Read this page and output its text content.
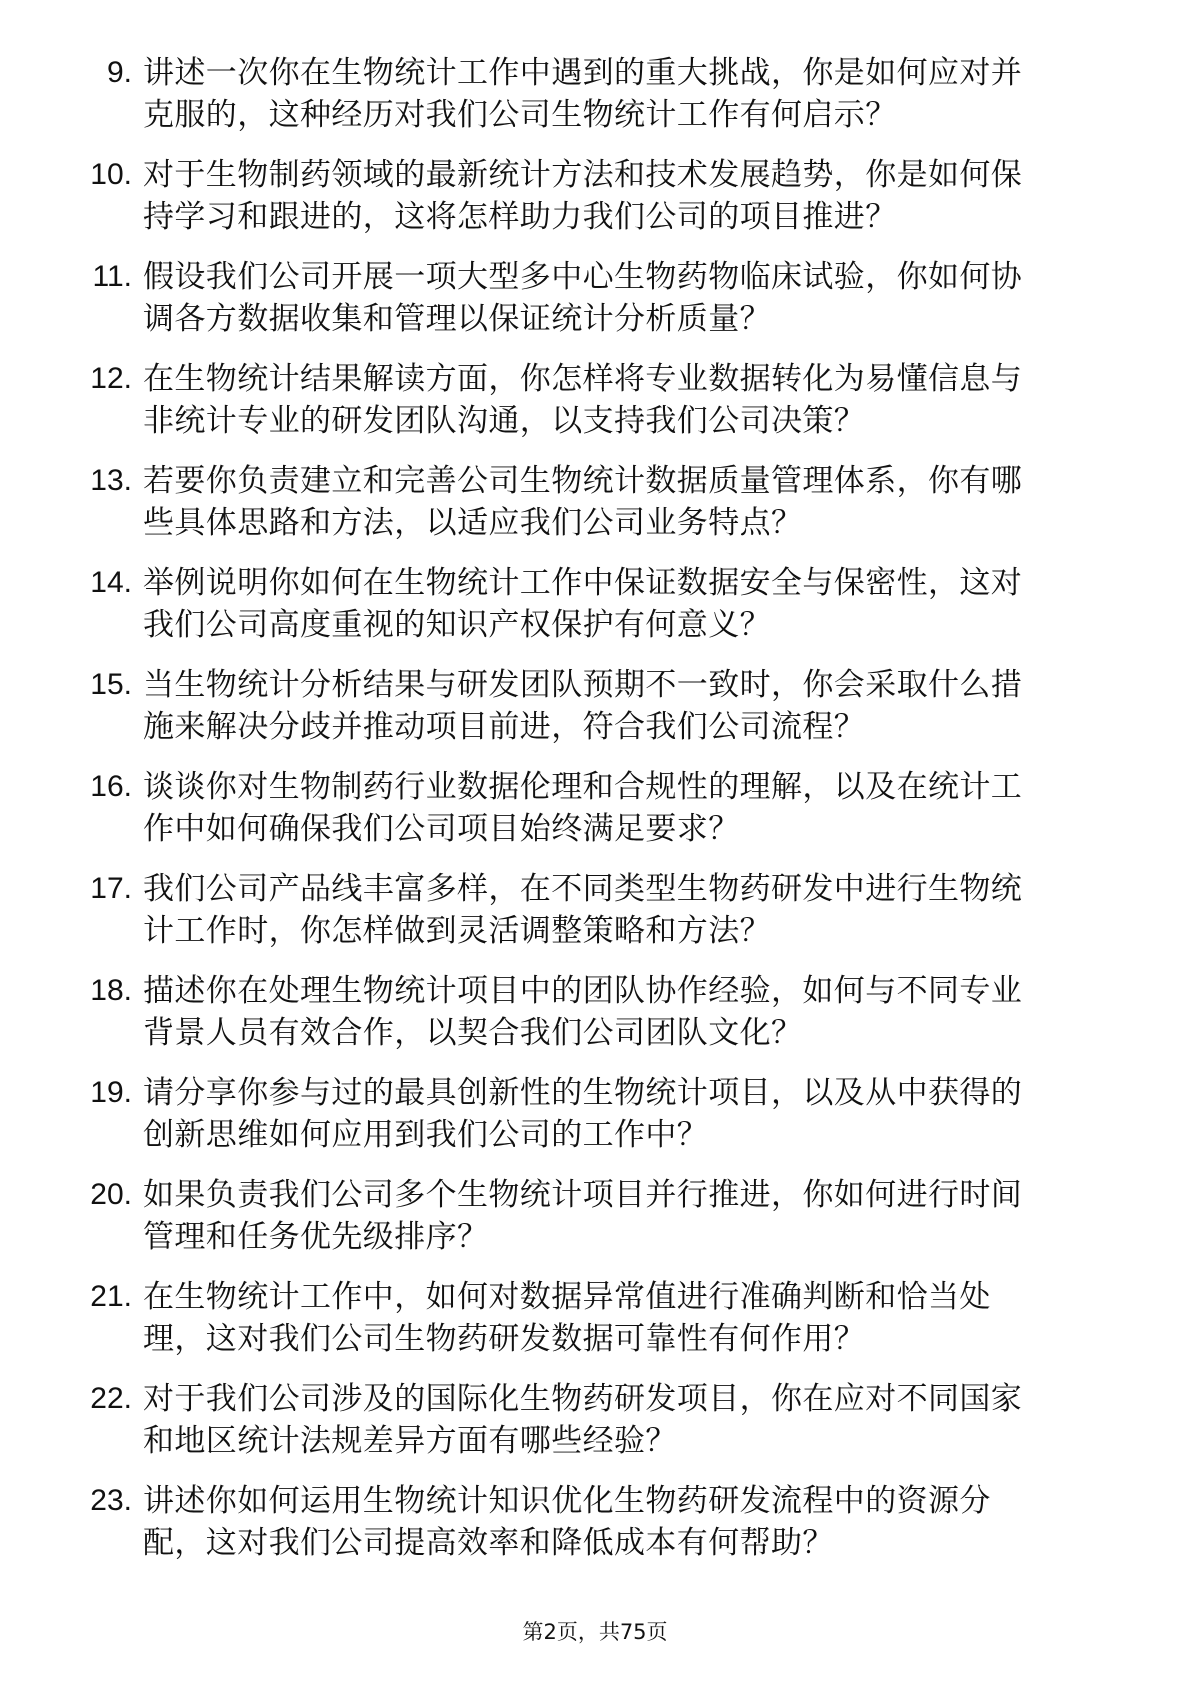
9. 讲述一次你在生物统计工作中遇到的重大挑战，你是如何应对并
克服的，这种经历对我们公司生物统计工作有何启示？
10. 对于生物制药领域的最新统计方法和技术发展趋势，你是如何保
持学习和跟进的，这将怎样助力我们公司的项目推进？
11. 假设我们公司开展一项大型多中心生物药物临床试验，你如何协
调各方数据收集和管理以保证统计分析质量？
12. 在生物统计结果解读方面，你怎样将专业数据转化为易懂信息与
非统计专业的研发团队沟通，以支持我们公司决策？
13. 若要你负责建立和完善公司生物统计数据质量管理体系，你有哪
些具体思路和方法，以适应我们公司业务特点？
14. 举例说明你如何在生物统计工作中保证数据安全与保密性，这对
我们公司高度重视的知识产权保护有何意义？
15. 当生物统计分析结果与研发团队预期不一致时，你会采取什么措
施来解决分歧并推动项目前进，符合我们公司流程？
16. 谈谈你对生物制药行业数据伦理和合规性的理解，以及在统计工
作中如何确保我们公司项目始终满足要求？
17. 我们公司产品线丰富多样，在不同类型生物药研发中进行生物统
计工作时，你怎样做到灵活调整策略和方法？
18. 描述你在处理生物统计项目中的团队协作经验，如何与不同专业
背景人员有效合作，以契合我们公司团队文化？
19. 请分享你参与过的最具创新性的生物统计项目，以及从中获得的
创新思维如何应用到我们公司的工作中？
20. 如果负责我们公司多个生物统计项目并行推进，你如何进行时间
管理和任务优先级排序？
21. 在生物统计工作中，如何对数据异常值进行准确判断和恰当处
理，这对我们公司生物药研发数据可靠性有何作用？
22. 对于我们公司涉及的国际化生物药研发项目，你在应对不同国家
和地区统计法规差异方面有哪些经验？
23. 讲述你如何运用生物统计知识优化生物药研发流程中的资源分
配，这对我们公司提高效率和降低成本有何帮助？
第2页，共75页
